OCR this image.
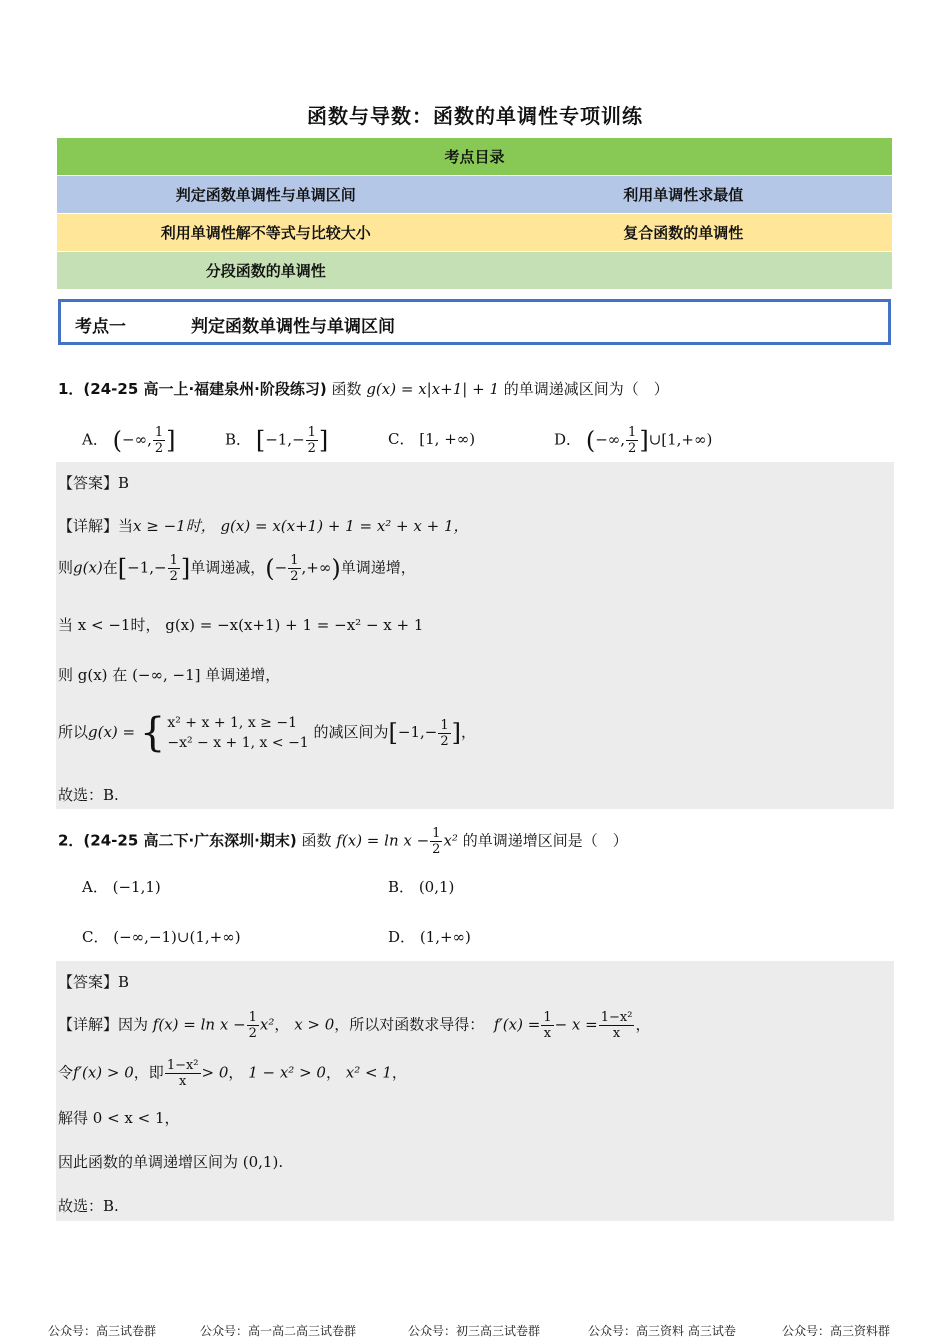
函数与导数：函数的单调性专项训练
考点目录	
判定函数单调性与单调区间	利用单调性求最值
利用单调性解不等式与比较大小	复合函数的单调性
分段函数的单调性	
考点一	判定函数单调性与单调区间
1．(24-25 高一上·福建泉州·阶段练习) 函数 g(x) = x|x+1| + 1 的单调递减区间为（　）
A． (−∞, $\frac{1}{2}$ ]	B． [$-1,- \frac{1}{2}$ ]	C． [1, +∞)	D． (−∞, $\frac{1}{2}$ ]∪[1,+∞)
【答案】B
【详解】当x ≥ −1时， g(x) = x(x+1) + 1 = x² + x + 1，
则g(x)在[$-1,- \frac{1}{2}$ ]单调递减，(− $\frac{1}{2}$ ,+∞)单调递增，
当 x < −1时， g(x) = −x(x+1) + 1 = −x² − x + 1
则 g(x) 在 (−∞, −1] 单调递增，
所以g(x) = { x² + x + 1, x ≥ −1
−x² − x + 1, x < −1
的减区间为[$-1,- \frac{1}{2}$ ]，
故选：B.
2．(24-25 高二下·广东深圳·期末) 函数 $f(x) = \ln x - \frac{1}{2} x^2$ 的单调递增区间是（　）
A． (−1,1)	B． (0,1)
C． (−∞,−1)∪(1,+∞)	D． (1,+∞)
【答案】B
【详解】因为 $f(x) = \ln x - \frac{1}{2} x^2$， x > 0，所以对函数求导得：  $f'(x) = \frac{1}{x} - x = \frac{\text{1−x²}}{x}$ ，
令f′(x) > 0，即 $\frac{\text{1−x²}}{x} > 0$， 1 − x² > 0， x² < 1，
解得 0 < x < 1，
因此函数的单调递增区间为 (0,1).
故选：B.
公众号：高三试卷群	公众号：高一高二高三试卷群	公众号：初三高三试卷群	公众号：高三资料 高三试卷	公众号：高三资料群
